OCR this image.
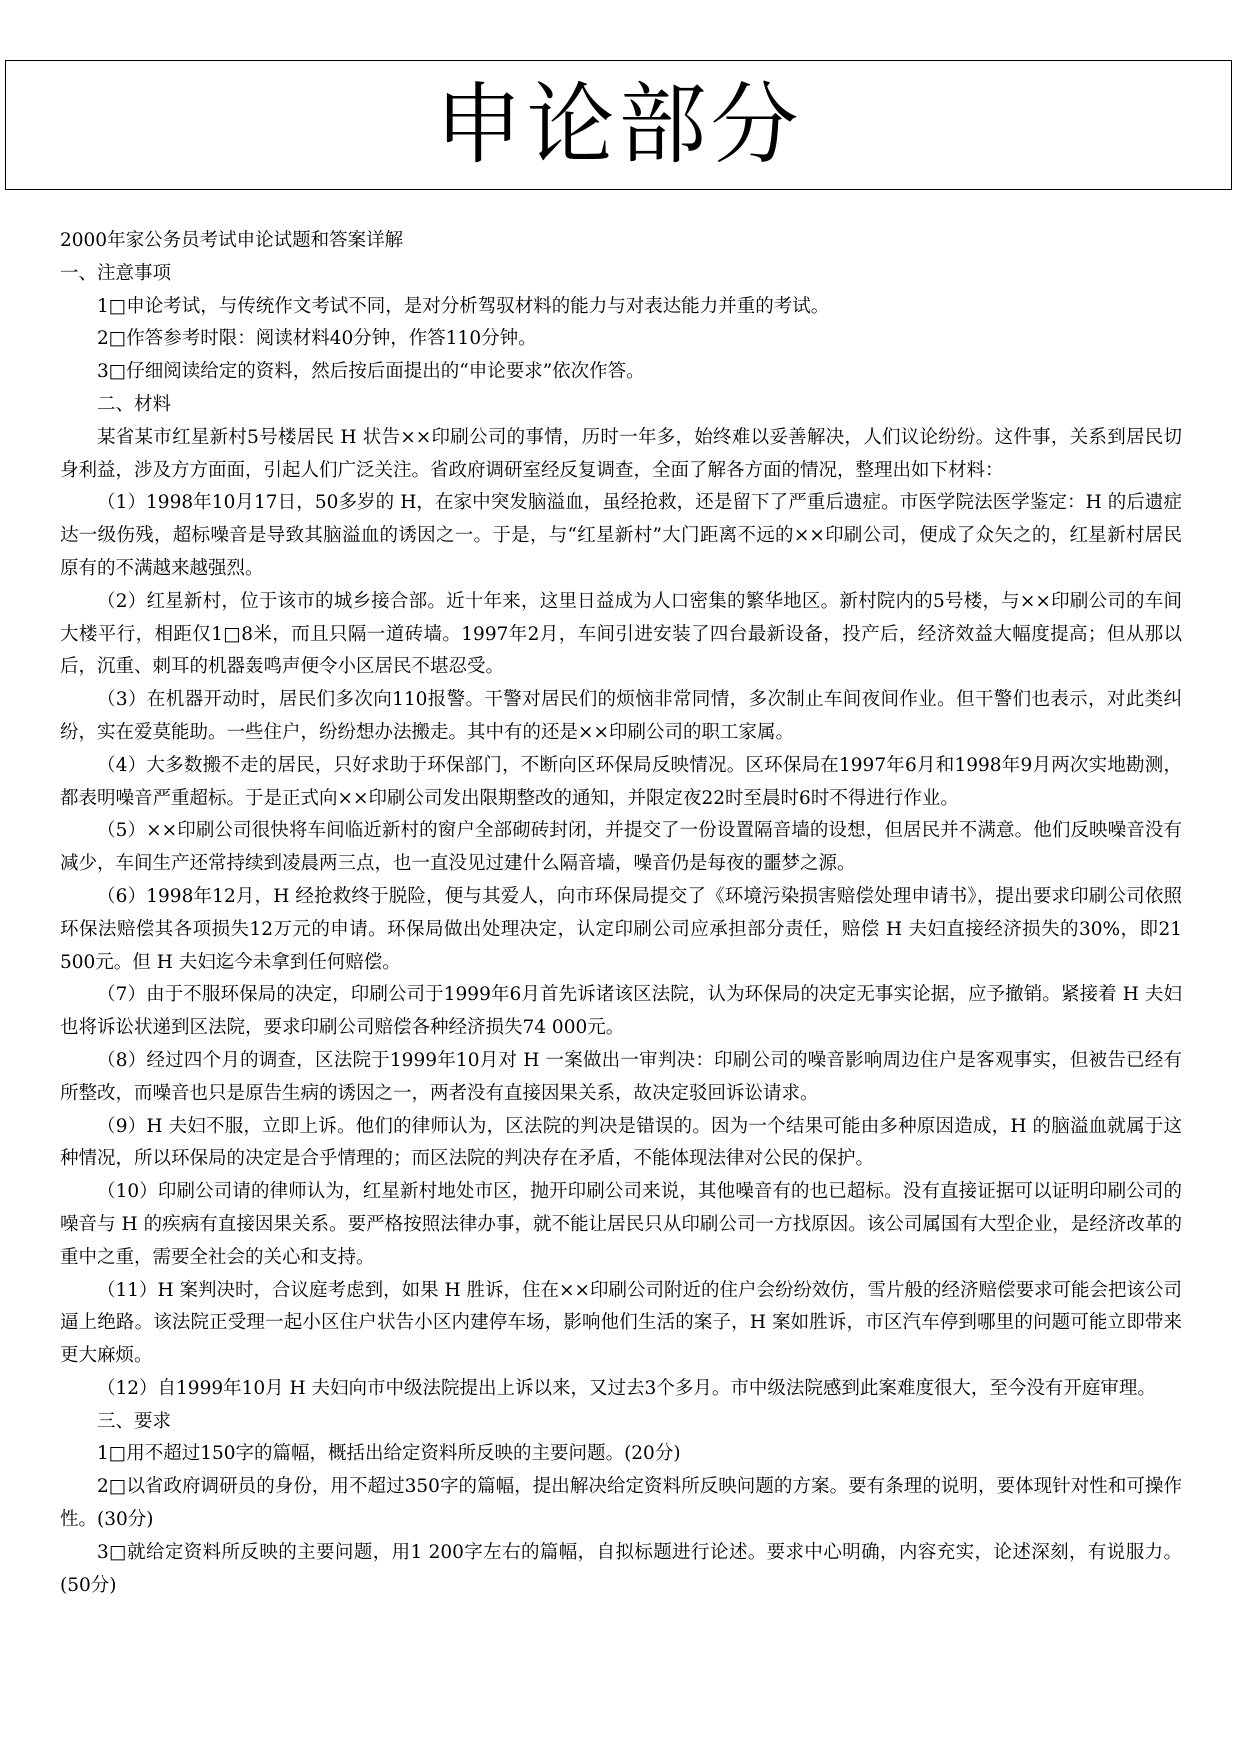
申论部分

2000年家公务员考试申论试题和答案详解

一、注意事项

1□申论考试，与传统作文考试不同，是对分析驾驭材料的能力与对表达能力并重的考试。

2□作答参考时限：阅读材料40分钟，作答110分钟。

3□仔细阅读给定的资料，然后按后面提出的“申论要求”依次作答。

二、材料

某省某市红星新村5号楼居民 H 状告××印刷公司的事情，历时一年多，始终难以妥善解决，人们议论纷纷。这件事，关系到居民切身利益，涉及方方面面，引起人们广泛关注。省政府调研室经反复调查，全面了解各方面的情况，整理出如下材料：

（1）1998年10月17日，50多岁的 H，在家中突发脑溢血，虽经抢救，还是留下了严重后遗症。市医学院法医学鉴定：H 的后遗症达一级伤残，超标噪音是导致其脑溢血的诱因之一。于是，与“红星新村”大门距离不远的××印刷公司，便成了众矢之的，红星新村居民原有的不满越来越强烈。

（2）红星新村，位于该市的城乡接合部。近十年来，这里日益成为人口密集的繁华地区。新村院内的5号楼，与××印刷公司的车间大楼平行，相距仅1□8米，而且只隔一道砖墙。1997年2月，车间引进安装了四台最新设备，投产后，经济效益大幅度提高；但从那以后，沉重、刺耳的机器轰鸣声便令小区居民不堪忍受。

（3）在机器开动时，居民们多次向110报警。干警对居民们的烦恼非常同情，多次制止车间夜间作业。但干警们也表示，对此类纠纷，实在爱莫能助。一些住户，纷纷想办法搬走。其中有的还是××印刷公司的职工家属。

（4）大多数搬不走的居民，只好求助于环保部门，不断向区环保局反映情况。区环保局在1997年6月和1998年9月两次实地勘测，都表明噪音严重超标。于是正式向××印刷公司发出限期整改的通知，并限定夜22时至晨时6时不得进行作业。

（5）××印刷公司很快将车间临近新村的窗户全部砌砖封闭，并提交了一份设置隔音墙的设想，但居民并不满意。他们反映噪音没有减少，车间生产还常持续到凌晨两三点，也一直没见过建什么隔音墙，噪音仍是每夜的噩梦之源。

（6）1998年12月，H 经抢救终于脱险，便与其爱人，向市环保局提交了《环境污染损害赔偿处理申请书》，提出要求印刷公司依照环保法赔偿其各项损失12万元的申请。环保局做出处理决定，认定印刷公司应承担部分责任，赔偿 H 夫妇直接经济损失的30%，即21 500元。但 H 夫妇迄今未拿到任何赔偿。

（7）由于不服环保局的决定，印刷公司于1999年6月首先诉诸该区法院，认为环保局的决定无事实论据，应予撤销。紧接着 H 夫妇也将诉讼状递到区法院，要求印刷公司赔偿各种经济损失74 000元。

（8）经过四个月的调查，区法院于1999年10月对 H 一案做出一审判决：印刷公司的噪音影响周边住户是客观事实，但被告已经有所整改，而噪音也只是原告生病的诱因之一，两者没有直接因果关系，故决定驳回诉讼请求。

（9）H 夫妇不服，立即上诉。他们的律师认为，区法院的判决是错误的。因为一个结果可能由多种原因造成，H 的脑溢血就属于这种情况，所以环保局的决定是合乎情理的；而区法院的判决存在矛盾，不能体现法律对公民的保护。

（10）印刷公司请的律师认为，红星新村地处市区，抛开印刷公司来说，其他噪音有的也已超标。没有直接证据可以证明印刷公司的噪音与 H 的疾病有直接因果关系。要严格按照法律办事，就不能让居民只从印刷公司一方找原因。该公司属国有大型企业，是经济改革的重中之重，需要全社会的关心和支持。

（11）H 案判决时，合议庭考虑到，如果 H 胜诉，住在××印刷公司附近的住户会纷纷效仿，雪片般的经济赔偿要求可能会把该公司逼上绝路。该法院正受理一起小区住户状告小区内建停车场，影响他们生活的案子，H 案如胜诉，市区汽车停到哪里的问题可能立即带来更大麻烦。

（12）自1999年10月 H 夫妇向市中级法院提出上诉以来，又过去3个多月。市中级法院感到此案难度很大，至今没有开庭审理。

三、要求

1□用不超过150字的篇幅，概括出给定资料所反映的主要问题。(20分)

2□以省政府调研员的身份，用不超过350字的篇幅，提出解决给定资料所反映问题的方案。要有条理的说明，要体现针对性和可操作性。(30分)

3□就给定资料所反映的主要问题，用1 200字左右的篇幅，自拟标题进行论述。要求中心明确，内容充实，论述深刻，有说服力。(50分)
